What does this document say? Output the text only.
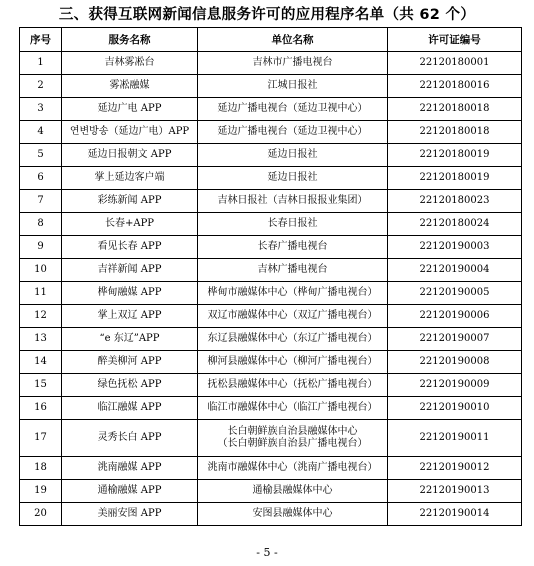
三、获得互联网新闻信息服务许可的应用程序名单（共 62 个）
序号	服务名称	单位名称	许可证编号
1	吉林雾凇台	吉林市广播电视台	22120180001
2	雾凇融媒	江城日报社	22120180016
3	延边广电 APP	延边广播电视台（延边卫视中心）	22120180018
4	연변방송（延边广电）APP	延边广播电视台（延边卫视中心）	22120180018
5	延边日报朝文 APP	延边日报社	22120180019
6	掌上延边客户端	延边日报社	22120180019
7	彩练新闻 APP	吉林日报社（吉林日报报业集团）	22120180023
8	长春+APP	长春日报社	22120180024
9	看见长春 APP	长春广播电视台	22120190003
10	吉祥新闻 APP	吉林广播电视台	22120190004
11	桦甸融媒 APP	桦甸市融媒体中心（桦甸广播电视台）	22120190005
12	掌上双辽 APP	双辽市融媒体中心（双辽广播电视台）	22120190006
13	“e 东辽”APP	东辽县融媒体中心（东辽广播电视台）	22120190007
14	醉美柳河 APP	柳河县融媒体中心（柳河广播电视台）	22120190008
15	绿色抚松 APP	抚松县融媒体中心（抚松广播电视台）	22120190009
16	临江融媒 APP	临江市融媒体中心（临江广播电视台）	22120190010
17	灵秀长白 APP	长白朝鲜族自治县融媒体中心
（长白朝鲜族自治县广播电视台）	22120190011
18	洮南融媒 APP	洮南市融媒体中心（洮南广播电视台）	22120190012
19	通榆融媒 APP	通榆县融媒体中心	22120190013
20	美丽安图 APP	安图县融媒体中心	22120190014
- 5 -
